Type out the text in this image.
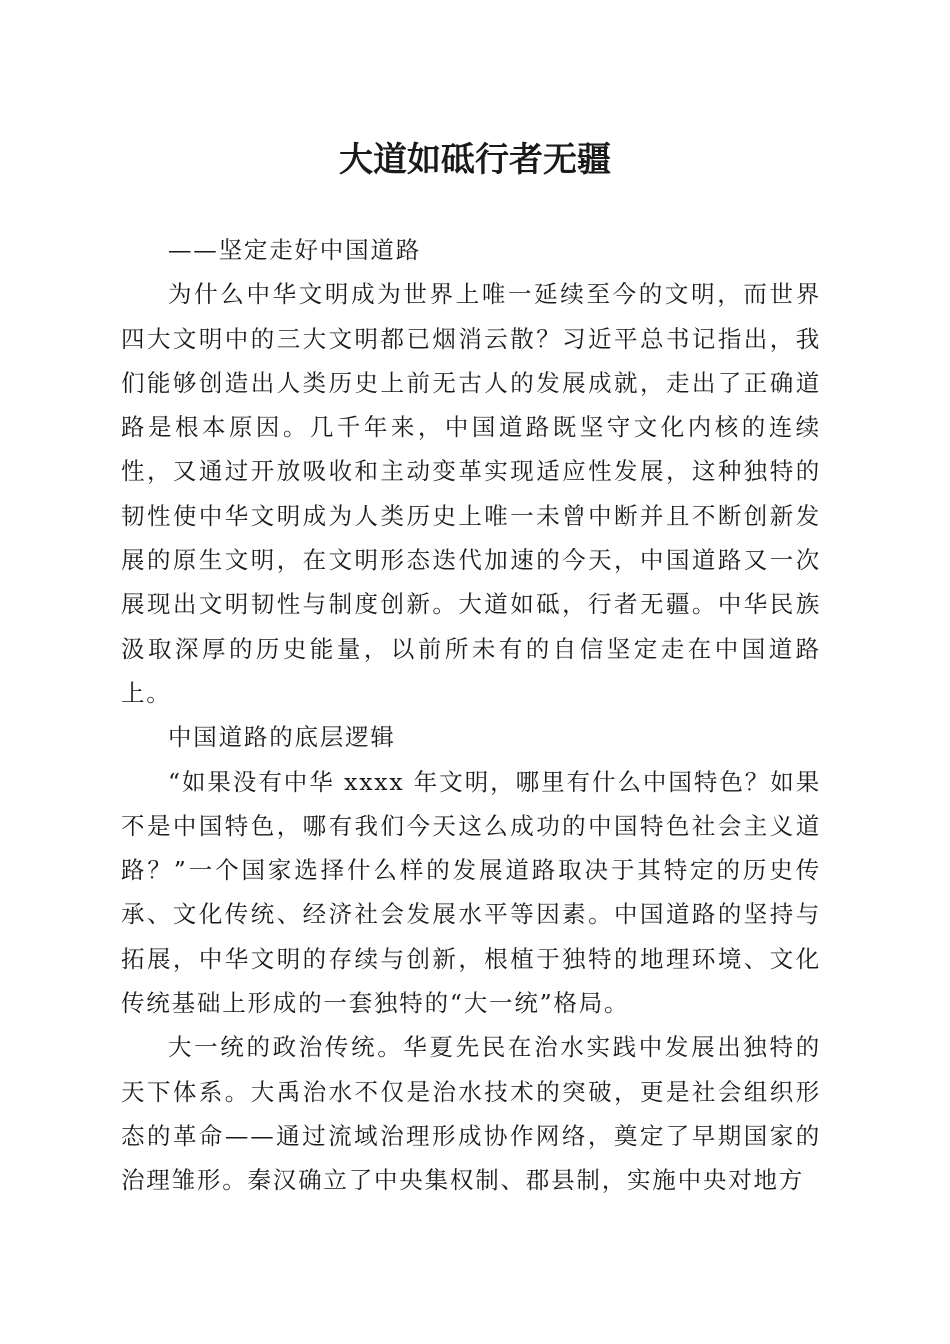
大道如砥行者无疆

——坚定走好中国道路

为什么中华文明成为世界上唯一延续至今的文明，而世界四大文明中的三大文明都已烟消云散？习近平总书记指出，我们能够创造出人类历史上前无古人的发展成就，走出了正确道路是根本原因。几千年来，中国道路既坚守文化内核的连续性，又通过开放吸收和主动变革实现适应性发展，这种独特的韧性使中华文明成为人类历史上唯一未曾中断并且不断创新发展的原生文明，在文明形态迭代加速的今天，中国道路又一次展现出文明韧性与制度创新。大道如砥，行者无疆。中华民族汲取深厚的历史能量，以前所未有的自信坚定走在中国道路上。

中国道路的底层逻辑

“如果没有中华 xxxx 年文明，哪里有什么中国特色？如果不是中国特色，哪有我们今天这么成功的中国特色社会主义道路？”一个国家选择什么样的发展道路取决于其特定的历史传承、文化传统、经济社会发展水平等因素。中国道路的坚持与拓展，中华文明的存续与创新，根植于独特的地理环境、文化传统基础上形成的一套独特的“大一统”格局。

大一统的政治传统。华夏先民在治水实践中发展出独特的天下体系。大禹治水不仅是治水技术的突破，更是社会组织形态的革命——通过流域治理形成协作网络，奠定了早期国家的治理雏形。秦汉确立了中央集权制、郡县制，实施中央对地方
